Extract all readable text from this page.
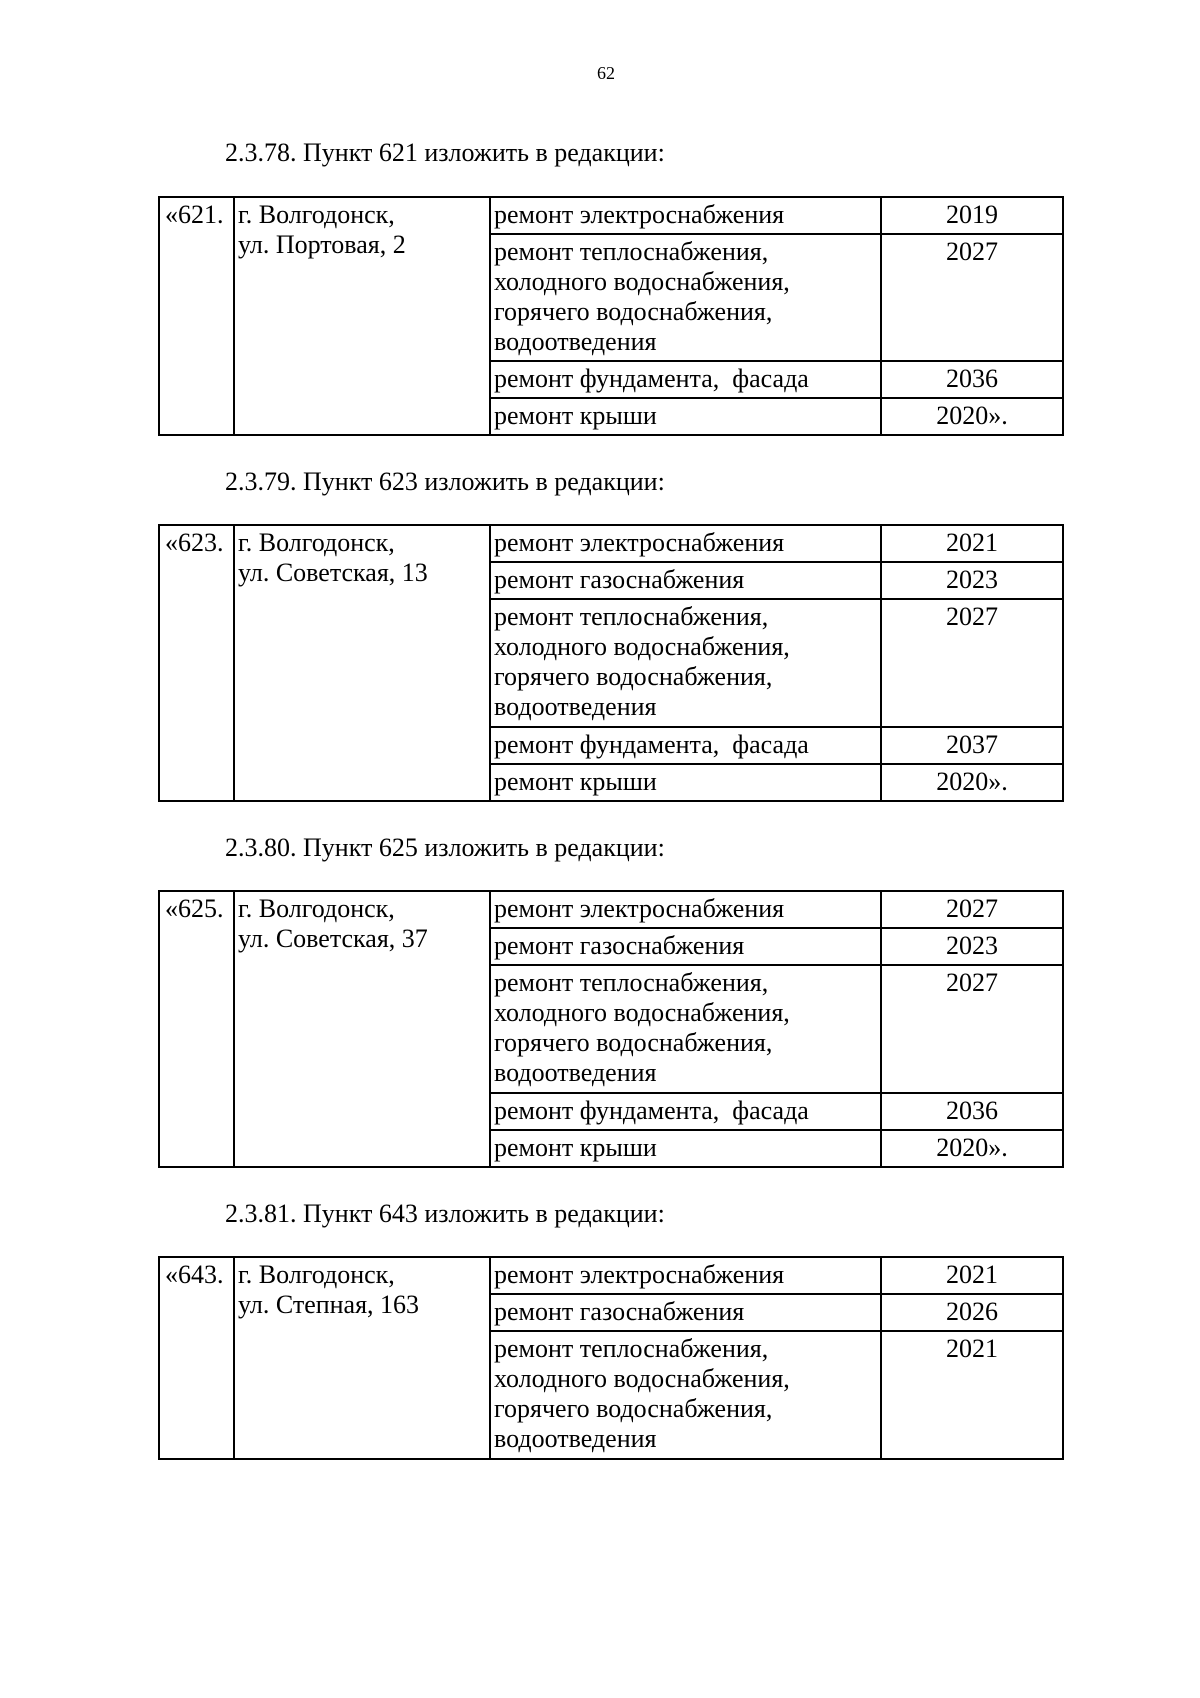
62
2.3.78. Пункт 621 изложить в редакции:
«621.	г. Волгодонск,
ул. Портовая, 2	ремонт электроснабжения	2019
		ремонт теплоснабжения,
холодного водоснабжения,
горячего водоснабжения,
водоотведения	2027
		ремонт фундамента,  фасада	2036
		ремонт крыши	2020».
2.3.79. Пункт 623 изложить в редакции:
«623.	г. Волгодонск,
ул. Советская, 13	ремонт электроснабжения	2021
		ремонт газоснабжения	2023
		ремонт теплоснабжения,
холодного водоснабжения,
горячего водоснабжения,
водоотведения	2027
		ремонт фундамента,  фасада	2037
		ремонт крыши	2020».
2.3.80. Пункт 625 изложить в редакции:
«625.	г. Волгодонск,
ул. Советская, 37	ремонт электроснабжения	2027
		ремонт газоснабжения	2023
		ремонт теплоснабжения,
холодного водоснабжения,
горячего водоснабжения,
водоотведения	2027
		ремонт фундамента,  фасада	2036
		ремонт крыши	2020».
2.3.81. Пункт 643 изложить в редакции:
«643.	г. Волгодонск,
ул. Степная, 163	ремонт электроснабжения	2021
		ремонт газоснабжения	2026
		ремонт теплоснабжения,
холодного водоснабжения,
горячего водоснабжения,
водоотведения	2021
